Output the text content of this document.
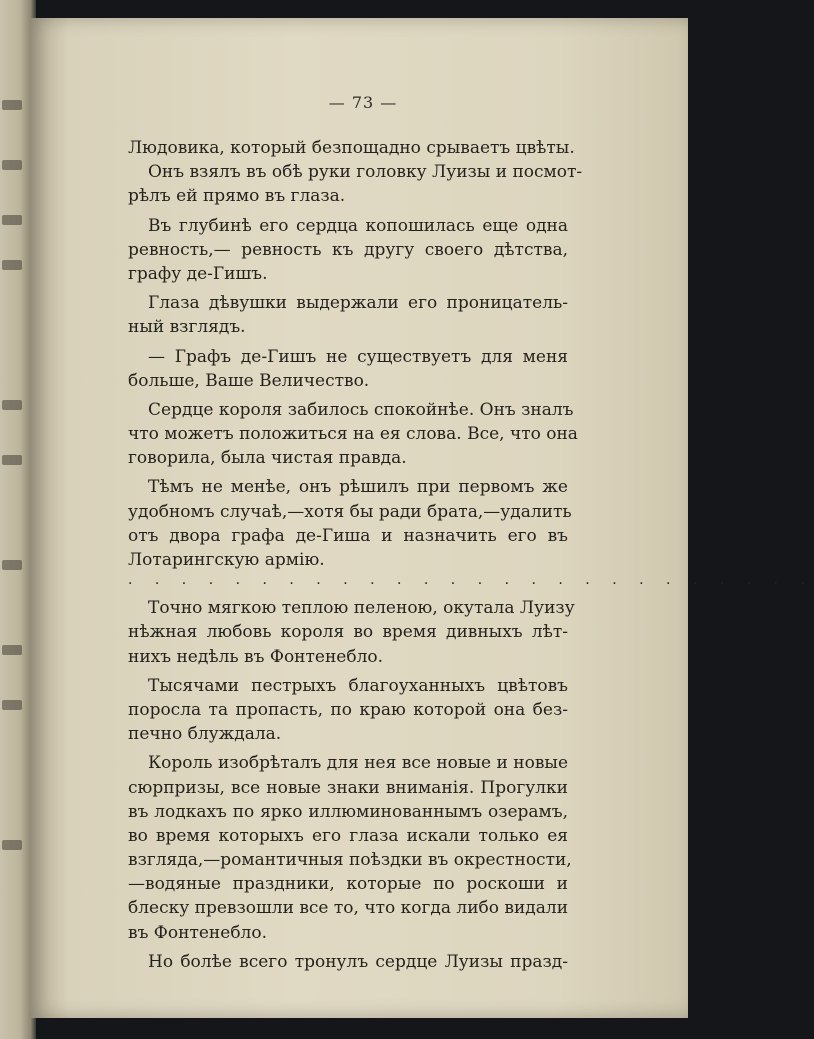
— 73 —
Людовика, который безпощадно срываетъ цвѣты.
Онъ взялъ въ обѣ руки головку Луизы и посмот-
рѣлъ ей прямо въ глаза.
Въ глубинѣ его сердца копошилась еще одна
ревность,— ревность къ другу своего дѣтства,
графу де-Гишъ.
Глаза дѣвушки выдержали его проницатель-
ный взглядъ.
— Графъ де-Гишъ не существуетъ для меня
больше, Ваше Величество.
Сердце короля забилось спокойнѣе. Онъ зналъ
что можетъ положиться на ея слова. Все, что она
говорила, была чистая правда.
Тѣмъ не менѣе, онъ рѣшилъ при первомъ же
удобномъ случаѣ,—хотя бы ради брата,—удалить
отъ двора графа де-Гиша и назначить его въ
Лотарингскую армію.
· · · · · · · · · · · · · · · · · · · · · · · · · ·
Точно мягкою теплою пеленою, окутала Луизу
нѣжная любовь короля во время дивныхъ лѣт-
нихъ недѣль въ Фонтенебло.
Тысячами пестрыхъ благоуханныхъ цвѣтовъ
поросла та пропасть, по краю которой она без-
печно блуждала.
Король изобрѣталъ для нея все новые и новые
сюрпризы, все новые знаки вниманія. Прогулки
въ лодкахъ по ярко иллюминованнымъ озерамъ,
во время которыхъ его глаза искали только ея
взгляда,—романтичныя поѣздки въ окрестности,
—водяные праздники, которые по роскоши и
блеску превзошли все то, что когда либо видали
въ Фонтенебло.
Но болѣе всего тронулъ сердце Луизы празд-
